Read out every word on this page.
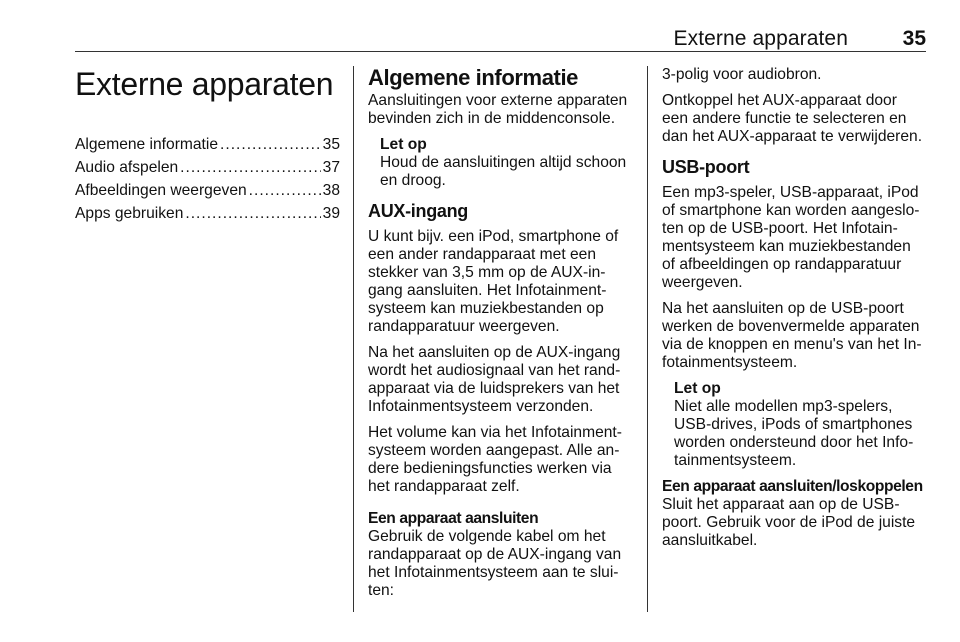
Externe apparaten	35
Externe apparaten
Algemene informatie .....	35
Audio afspelen .....	37
Afbeeldingen weergeven .....	38
Apps gebruiken .....	39
Algemene informatie

Aansluitingen voor externe apparaten bevinden zich in de middenconsole.

Let op
Houd de aansluitingen altijd schoon en droog.
AUX-ingang

U kunt bijv. een iPod, smartphone of een ander randapparaat met een stekker van 3,5 mm op de AUX-in-gang aansluiten. Het Infotainment-systeem kan muziekbestanden op randapparatuur weergeven.

Na het aansluiten op de AUX-ingang wordt het audiosignaal van het rand-apparaat via de luidsprekers van het Infotainmentsysteem verzonden.

Het volume kan via het Infotainment-systeem worden aangepast. Alle an-dere bedieningsfuncties werken via het randapparaat zelf.

Een apparaat aansluiten

Gebruik de volgende kabel om het randapparaat op de AUX-ingang van het Infotainmentsysteem aan te slui-ten:

3-polig voor audiobron.

Ontkoppel het AUX-apparaat door een andere functie te selecteren en dan het AUX-apparaat te verwijderen.

USB-poort

Een mp3-speler, USB-apparaat, iPod of smartphone kan worden aangeslo-ten op de USB-poort. Het Infotain-mentsysteem kan muziekbestanden of afbeeldingen op randapparatuur weergeven.

Na het aansluiten op de USB-poort werken de bovenvermelde apparaten via de knoppen en menu's van het In-fotainmentsysteem.

Let op
Niet alle modellen mp3-spelers, USB-drives, iPods of smartphones worden ondersteund door het Info-tainmentsysteem.
Een apparaat aansluiten/loskoppelen

Sluit het apparaat aan op de USB-poort. Gebruik voor de iPod de juiste aansluitkabel.
